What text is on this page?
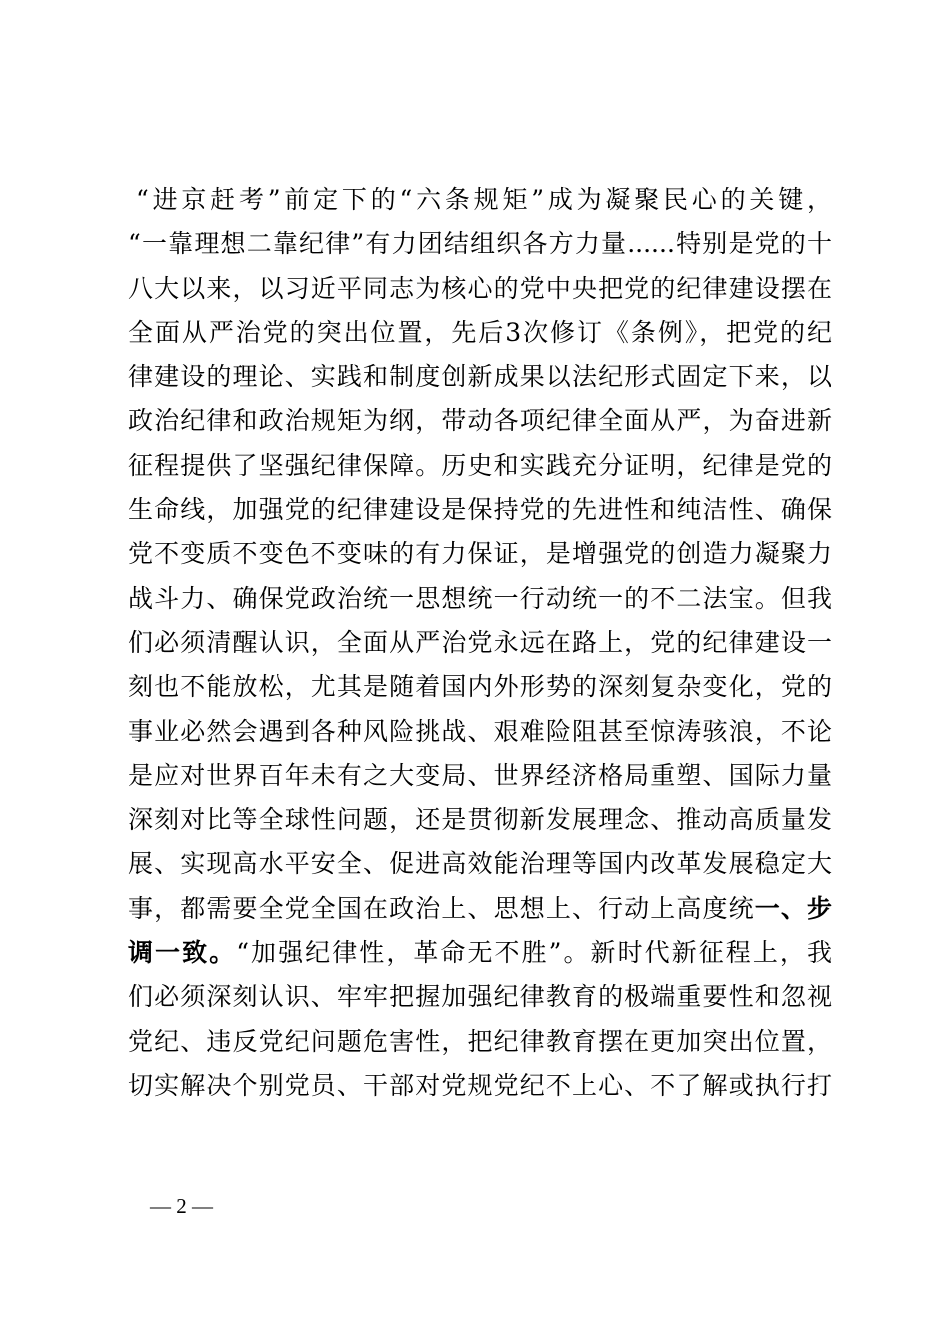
“进京赶考”前定下的“六条规矩”成为凝聚民心的关键，
“一靠理想二靠纪律”有力团结组织各方力量......特别是党的十
八大以来，以习近平同志为核心的党中央把党的纪律建设摆在
全面从严治党的突出位置，先后3次修订《条例》，把党的纪
律建设的理论、实践和制度创新成果以法纪形式固定下来，以
政治纪律和政治规矩为纲，带动各项纪律全面从严，为奋进新
征程提供了坚强纪律保障。历史和实践充分证明，纪律是党的
生命线，加强党的纪律建设是保持党的先进性和纯洁性、确保
党不变质不变色不变味的有力保证，是增强党的创造力凝聚力
战斗力、确保党政治统一思想统一行动统一的不二法宝。但我
们必须清醒认识，全面从严治党永远在路上，党的纪律建设一
刻也不能放松，尤其是随着国内外形势的深刻复杂变化，党的
事业必然会遇到各种风险挑战、艰难险阻甚至惊涛骇浪，不论
是应对世界百年未有之大变局、世界经济格局重塑、国际力量
深刻对比等全球性问题，还是贯彻新发展理念、推动高质量发
展、实现高水平安全、促进高效能治理等国内改革发展稳定大
事，都需要全党全国在政治上、思想上、行动上高度统一、步
调一致。“加强纪律性，革命无不胜”。新时代新征程上，我
们必须深刻认识、牢牢把握加强纪律教育的极端重要性和忽视
党纪、违反党纪问题危害性，把纪律教育摆在更加突出位置，
切实解决个别党员、干部对党规党纪不上心、不了解或执行打
— 2 —
